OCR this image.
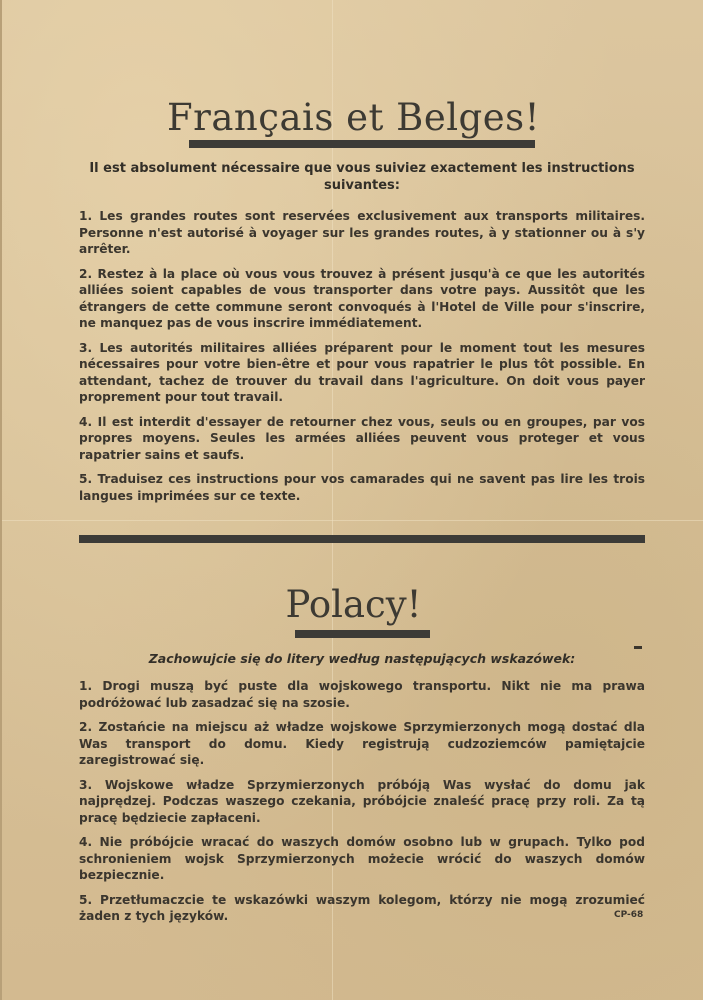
Français et Belges!
Il est absolument nécessaire que vous suiviez exactement les instructions suivantes:

1. Les grandes routes sont reservées exclusivement aux transports militaires. Personne n'est autorisé à voyager sur les grandes routes, à y stationner ou à s'y arrêter.

2. Restez à la place où vous vous trouvez à présent jusqu'à ce que les autorités alliées soient capables de vous transporter dans votre pays. Aussitôt que les étrangers de cette commune seront convoqués à l'Hotel de Ville pour s'inscrire, ne manquez pas de vous inscrire immédiatement.

3. Les autorités militaires alliées préparent pour le moment tout les mesures nécessaires pour votre bien-être et pour vous rapatrier le plus tôt possible. En attendant, tachez de trouver du travail dans l'agriculture. On doit vous payer proprement pour tout travail.

4. Il est interdit d'essayer de retourner chez vous, seuls ou en groupes, par vos propres moyens. Seules les armées alliées peuvent vous proteger et vous rapatrier sains et saufs.

5. Traduisez ces instructions pour vos camarades qui ne savent pas lire les trois langues imprimées sur ce texte.

Polacy!
Zachowujcie się do litery według następujących wskazówek:

1. Drogi muszą być puste dla wojskowego transportu. Nikt nie ma prawa podróżować lub zasadzać się na szosie.

2. Zostańcie na miejscu aż władze wojskowe Sprzymierzonych mogą dostać dla Was transport do domu. Kiedy registrują cudzoziemców pamiętajcie zaregistrować się.

3. Wojskowe władze Sprzymierzonych próbóją Was wysłać do domu jak najprędzej. Podczas waszego czekania, próbójcie znaleść pracę przy roli. Za tą pracę będziecie zapłaceni.

4. Nie próbójcie wracać do waszych domów osobno lub w grupach. Tylko pod schronieniem wojsk Sprzymierzonych możecie wrócić do waszych domów bezpiecznie.

5. Przetłumaczcie te wskazówki waszym kolegom, którzy nie mogą zrozumieć żaden z tych języków.	CP-68
